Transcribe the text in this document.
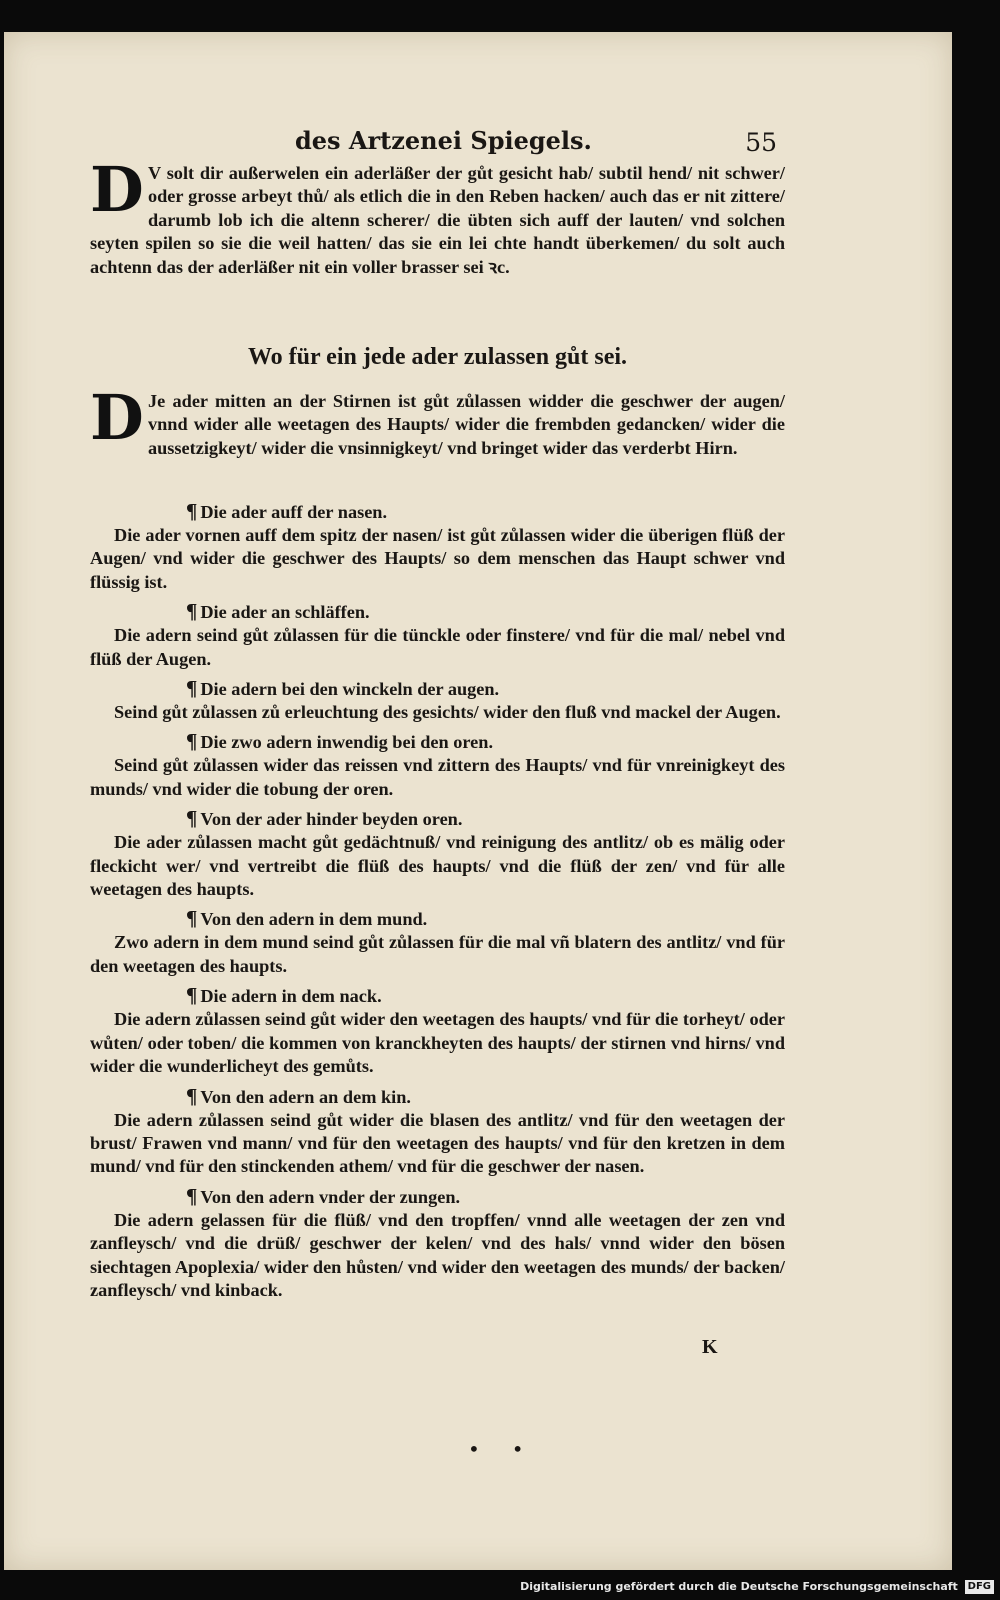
des Artzenei Spiegels.	55
D V solt dir außerwelen ein aderläßer der gůt gesicht hab/ subtil hend/ nit schwer/ oder grosse arbeyt thů/ als etlich die in den Reben hacken/ auch das er nit zittere/ darumb lob ich die altenn scherer/ die übten sich auff der lauten/ vnd solchen seyten spilen so sie die weil hatten/ das sie ein lei chte handt überkemen/ du solt auch achtenn das der aderläßer nit ein voller brasser sei ꝛc.
Wo für ein jede ader zulassen gůt sei.
D Je ader mitten an der Stirnen ist gůt zůlassen widder die geschwer der augen/ vnnd wider alle weetagen des Haupts/ wider die frembden gedancken/ wider die aussetzigkeyt/ wider die vnsinnigkeyt/ vnd bringet wider das verderbt Hirn.
¶ Die ader auff der nasen.
Die ader vornen auff dem spitz der nasen/ ist gůt zůlassen wider die überigen flüß der Augen/ vnd wider die geschwer des Haupts/ so dem menschen das Haupt schwer vnd flüssig ist.
¶ Die ader an schläffen.
Die adern seind gůt zůlassen für die tünckle oder finstere/ vnd für die mal/ nebel vnd flüß der Augen.
¶ Die adern bei den winckeln der augen.
Seind gůt zůlassen zů erleuchtung des gesichts/ wider den fluß vnd mackel der Augen.
¶ Die zwo adern inwendig bei den oren.
Seind gůt zůlassen wider das reissen vnd zittern des Haupts/ vnd für vnreinigkeyt des munds/ vnd wider die tobung der oren.
¶ Von der ader hinder beyden oren.
Die ader zůlassen macht gůt gedächtnuß/ vnd reinigung des antlitz/ ob es mälig oder fleckicht wer/ vnd vertreibt die flüß des haupts/ vnd die flüß der zen/ vnd für alle weetagen des haupts.
¶ Von den adern in dem mund.
Zwo adern in dem mund seind gůt zůlassen für die mal vñ blatern des antlitz/ vnd für den weetagen des haupts.
¶ Die adern in dem nack.
Die adern zůlassen seind gůt wider den weetagen des haupts/ vnd für die torheyt/ oder wůten/ oder toben/ die kommen von kranckheyten des haupts/ der stirnen vnd hirns/ vnd wider die wunderlicheyt des gemůts.
¶ Von den adern an dem kin.
Die adern zůlassen seind gůt wider die blasen des antlitz/ vnd für den weetagen der brust/ Frawen vnd mann/ vnd für den weetagen des haupts/ vnd für den kretzen in dem mund/ vnd für den stinckenden athem/ vnd für die geschwer der nasen.
¶ Von den adern vnder der zungen.
Die adern gelassen für die flüß/ vnd den tropffen/ vnnd alle weetagen der zen vnd zanfleysch/ vnd die drüß/ geschwer der kelen/ vnd des hals/ vnnd wider den bösen siechtagen Apoplexia/ wider den hůsten/ vnd wider den weetagen des munds/ der backen/ zanfleysch/ vnd kinback.
K
••
Digitalisierung gefördert durch die Deutsche Forschungsgemeinschaft DFG
